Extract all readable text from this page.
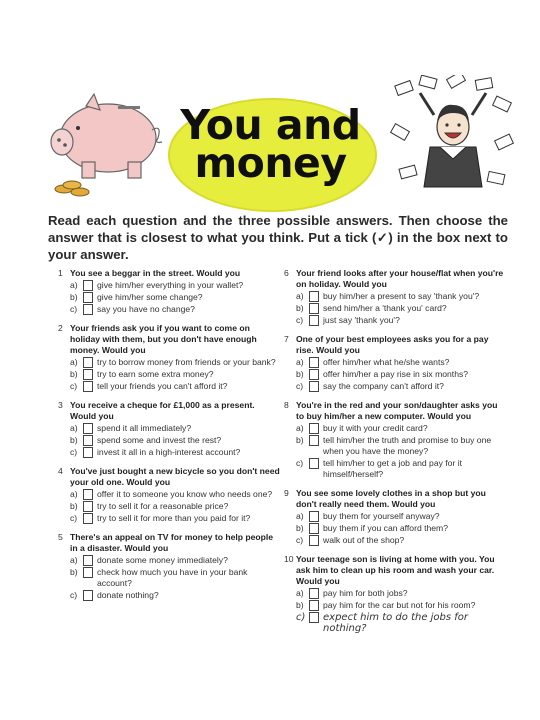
You and
money
Read each question and the three possible answers. Then choose the answer that is closest to what you think. Put a tick (✓) in the box next to your answer.
1 You see a beggar in the street. Would you
a)	give him/her everything in your wallet?
b)	give him/her some change?
c)	say you have no change?
2 Your friends ask you if you want to come on holiday with them, but you don't have enough money. Would you
a)	try to borrow money from friends or your bank?
b)	try to earn some extra money?
c)	tell your friends you can't afford it?
3 You receive a cheque for £1,000 as a present. Would you
a)	spend it all immediately?
b)	spend some and invest the rest?
c)	invest it all in a high-interest account?
4 You've just bought a new bicycle so you don't need your old one. Would you
a)	offer it to someone you know who needs one?
b)	try to sell it for a reasonable price?
c)	try to sell it for more than you paid for it?
5 There's an appeal on TV for money to help people in a disaster. Would you
a)	donate some money immediately?
b)	check how much you have in your bank account?
c)	donate nothing?
6 Your friend looks after your house/flat when you're on holiday. Would you
a)	buy him/her a present to say 'thank you'?
b)	send him/her a 'thank you' card?
c)	just say 'thank you'?
7 One of your best employees asks you for a pay rise. Would you
a)	offer him/her what he/she wants?
b)	offer him/her a pay rise in six months?
c)	say the company can't afford it?
8 You're in the red and your son/daughter asks you to buy him/her a new computer. Would you
a)	buy it with your credit card?
b)	tell him/her the truth and promise to buy one when you have the money?
c)	tell him/her to get a job and pay for it himself/herself?
9 You see some lovely clothes in a shop but you don't really need them. Would you
a)	buy them for yourself anyway?
b)	buy them if you can afford them?
c)	walk out of the shop?
10 Your teenage son is living at home with you. You ask him to clean up his room and wash your car. Would you
a)	pay him for both jobs?
b)	pay him for the car but not for his room?
c)	expect him to do the jobs for nothing?
